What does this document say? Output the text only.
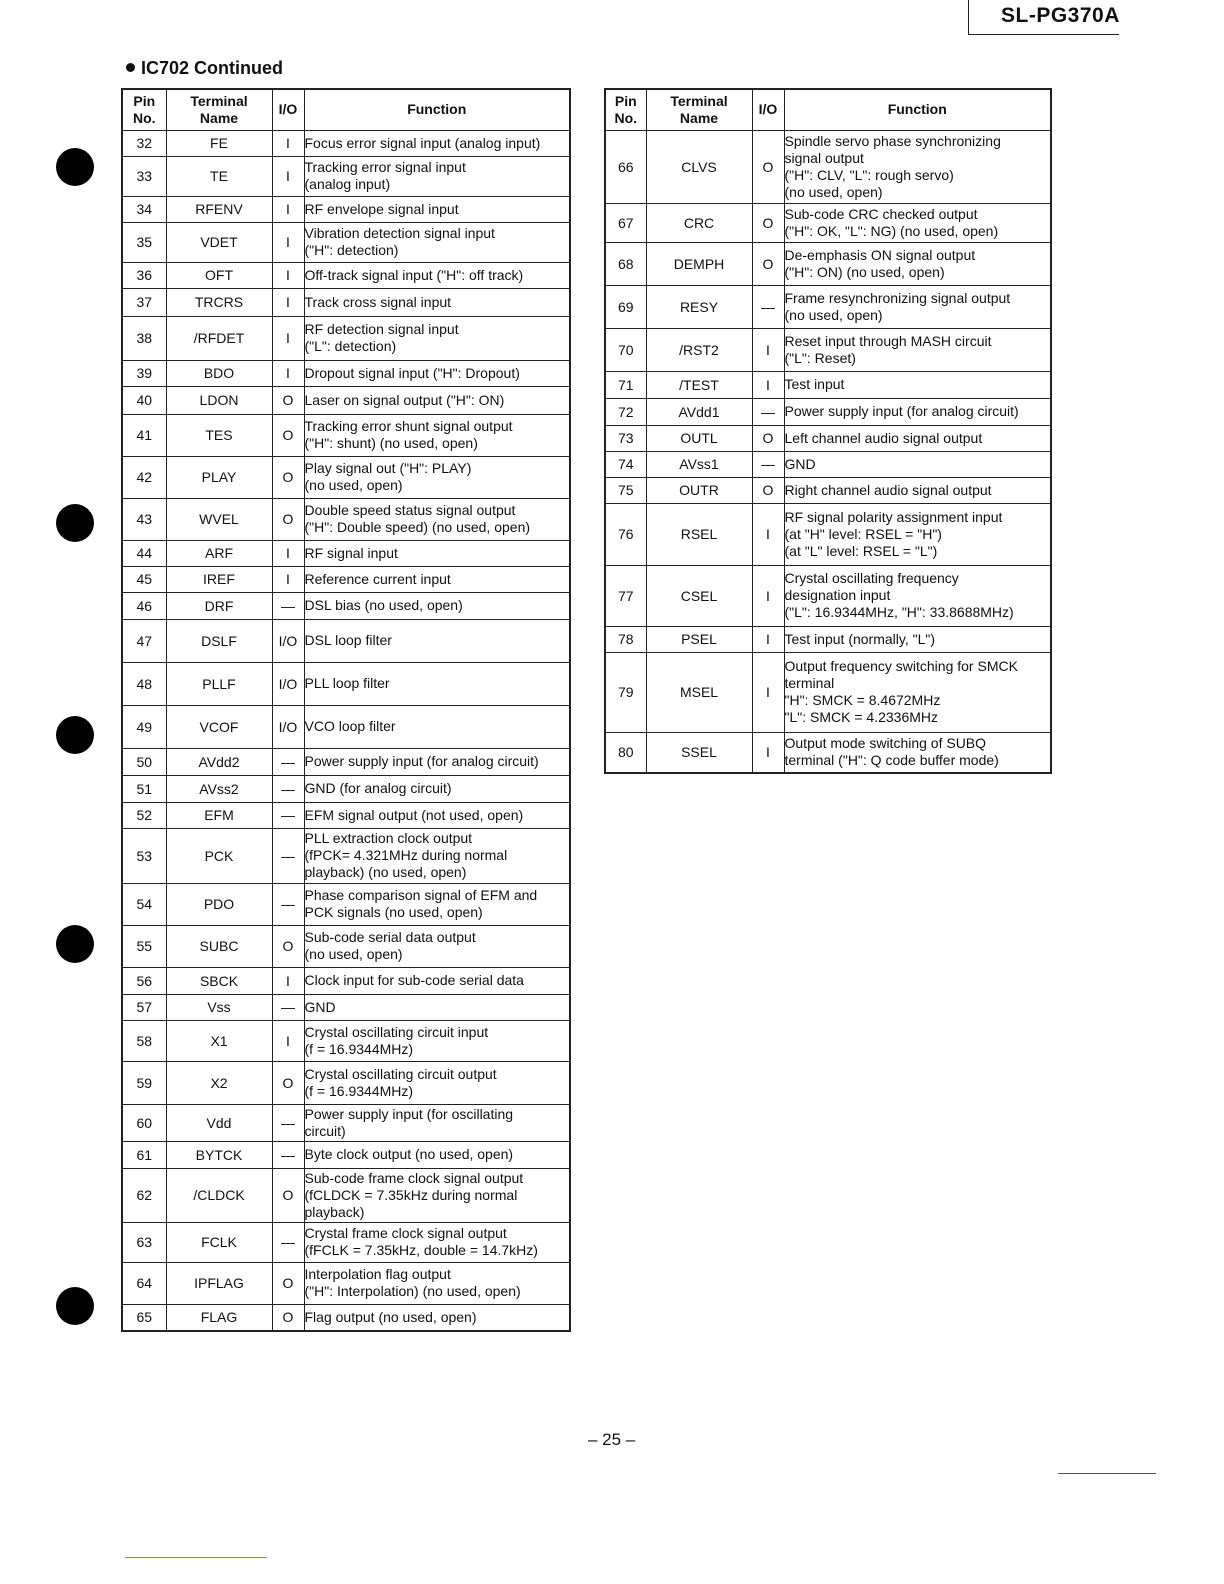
SL-PG370A
IC702 Continued
Pin
No.	Terminal
Name	I/O	Function
32	FE	I	Focus error signal input (analog input)
33	TE	I	Tracking error signal input
(analog input)
34	RFENV	I	RF envelope signal input
35	VDET	I	Vibration detection signal input
("H": detection)
36	OFT	I	Off-track signal input ("H": off track)
37	TRCRS	I	Track cross signal input
38	/RFDET	I	RF detection signal input
("L": detection)
39	BDO	I	Dropout signal input ("H": Dropout)
40	LDON	O	Laser on signal output ("H": ON)
41	TES	O	Tracking error shunt signal output
("H": shunt) (no used, open)
42	PLAY	O	Play signal out ("H": PLAY)
(no used, open)
43	WVEL	O	Double speed status signal output
("H": Double speed) (no used, open)
44	ARF	I	RF signal input
45	IREF	I	Reference current input
46	DRF	—	DSL bias (no used, open)
47	DSLF	I/O	DSL loop filter
48	PLLF	I/O	PLL loop filter
49	VCOF	I/O	VCO loop filter
50	AVdd2	—	Power supply input (for analog circuit)
51	AVss2	—	GND (for analog circuit)
52	EFM	—	EFM signal output (not used, open)
53	PCK	—	PLL extraction clock output
(fPCK= 4.321MHz during normal
playback) (no used, open)
54	PDO	—	Phase comparison signal of EFM and
PCK signals (no used, open)
55	SUBC	O	Sub-code serial data output
(no used, open)
56	SBCK	I	Clock input for sub-code serial data
57	Vss	—	GND
58	X1	I	Crystal oscillating circuit input
(f = 16.9344MHz)
59	X2	O	Crystal oscillating circuit output
(f = 16.9344MHz)
60	Vdd	—	Power supply input (for oscillating
circuit)
61	BYTCK	—	Byte clock output (no used, open)
62	/CLDCK	O	Sub-code frame clock signal output
(fCLDCK = 7.35kHz during normal
playback)
63	FCLK	—	Crystal frame clock signal output
(fFCLK = 7.35kHz, double = 14.7kHz)
64	IPFLAG	O	Interpolation flag output
("H": Interpolation) (no used, open)
65	FLAG	O	Flag output (no used, open)
Pin
No.	Terminal
Name	I/O	Function
66	CLVS	O	Spindle servo phase synchronizing
signal output
("H": CLV, "L": rough servo)
(no used, open)
67	CRC	O	Sub-code CRC checked output
("H": OK, "L": NG) (no used, open)
68	DEMPH	O	De-emphasis ON signal output
("H": ON) (no used, open)
69	RESY	—	Frame resynchronizing signal output
(no used, open)
70	/RST2	I	Reset input through MASH circuit
("L": Reset)
71	/TEST	I	Test input
72	AVdd1	—	Power supply input (for analog circuit)
73	OUTL	O	Left channel audio signal output
74	AVss1	—	GND
75	OUTR	O	Right channel audio signal output
76	RSEL	I	RF signal polarity assignment input
(at "H" level: RSEL = "H")
(at "L" level: RSEL = "L")
77	CSEL	I	Crystal oscillating frequency
designation input
("L": 16.9344MHz, "H": 33.8688MHz)
78	PSEL	I	Test input (normally, "L")
79	MSEL	I	Output frequency switching for SMCK
terminal
"H": SMCK = 8.4672MHz
"L": SMCK = 4.2336MHz
80	SSEL	I	Output mode switching of SUBQ
terminal ("H": Q code buffer mode)
– 25 –
